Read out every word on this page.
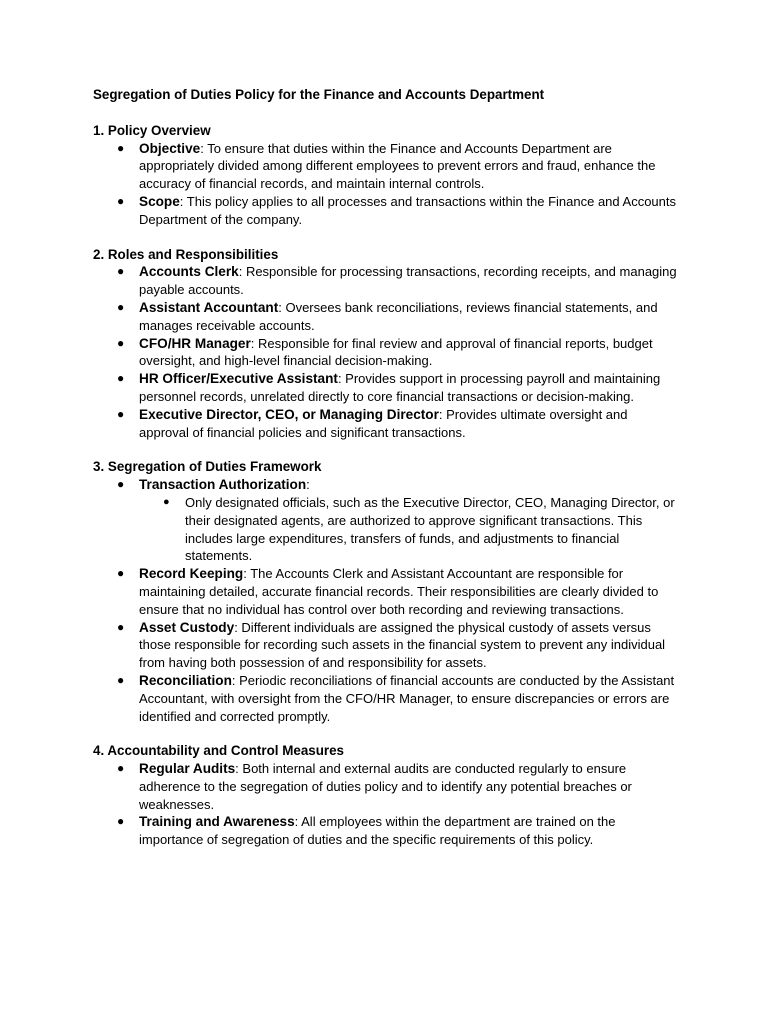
Segregation of Duties Policy for the Finance and Accounts Department
1. Policy Overview
● Objective: To ensure that duties within the Finance and Accounts Department are appropriately divided among different employees to prevent errors and fraud, enhance the accuracy of financial records, and maintain internal controls.
● Scope: This policy applies to all processes and transactions within the Finance and Accounts Department of the company.
2. Roles and Responsibilities
● Accounts Clerk: Responsible for processing transactions, recording receipts, and managing payable accounts.
● Assistant Accountant: Oversees bank reconciliations, reviews financial statements, and manages receivable accounts.
● CFO/HR Manager: Responsible for final review and approval of financial reports, budget oversight, and high-level financial decision-making.
● HR Officer/Executive Assistant: Provides support in processing payroll and maintaining personnel records, unrelated directly to core financial transactions or decision-making.
● Executive Director, CEO, or Managing Director: Provides ultimate oversight and approval of financial policies and significant transactions.
3. Segregation of Duties Framework
● Transaction Authorization:
● Only designated officials, such as the Executive Director, CEO, Managing Director, or their designated agents, are authorized to approve significant transactions. This includes large expenditures, transfers of funds, and adjustments to financial statements.
● Record Keeping: The Accounts Clerk and Assistant Accountant are responsible for maintaining detailed, accurate financial records. Their responsibilities are clearly divided to ensure that no individual has control over both recording and reviewing transactions.
● Asset Custody: Different individuals are assigned the physical custody of assets versus those responsible for recording such assets in the financial system to prevent any individual from having both possession of and responsibility for assets.
● Reconciliation: Periodic reconciliations of financial accounts are conducted by the Assistant Accountant, with oversight from the CFO/HR Manager, to ensure discrepancies or errors are identified and corrected promptly.
4. Accountability and Control Measures
● Regular Audits: Both internal and external audits are conducted regularly to ensure adherence to the segregation of duties policy and to identify any potential breaches or weaknesses.
● Training and Awareness: All employees within the department are trained on the importance of segregation of duties and the specific requirements of this policy.
